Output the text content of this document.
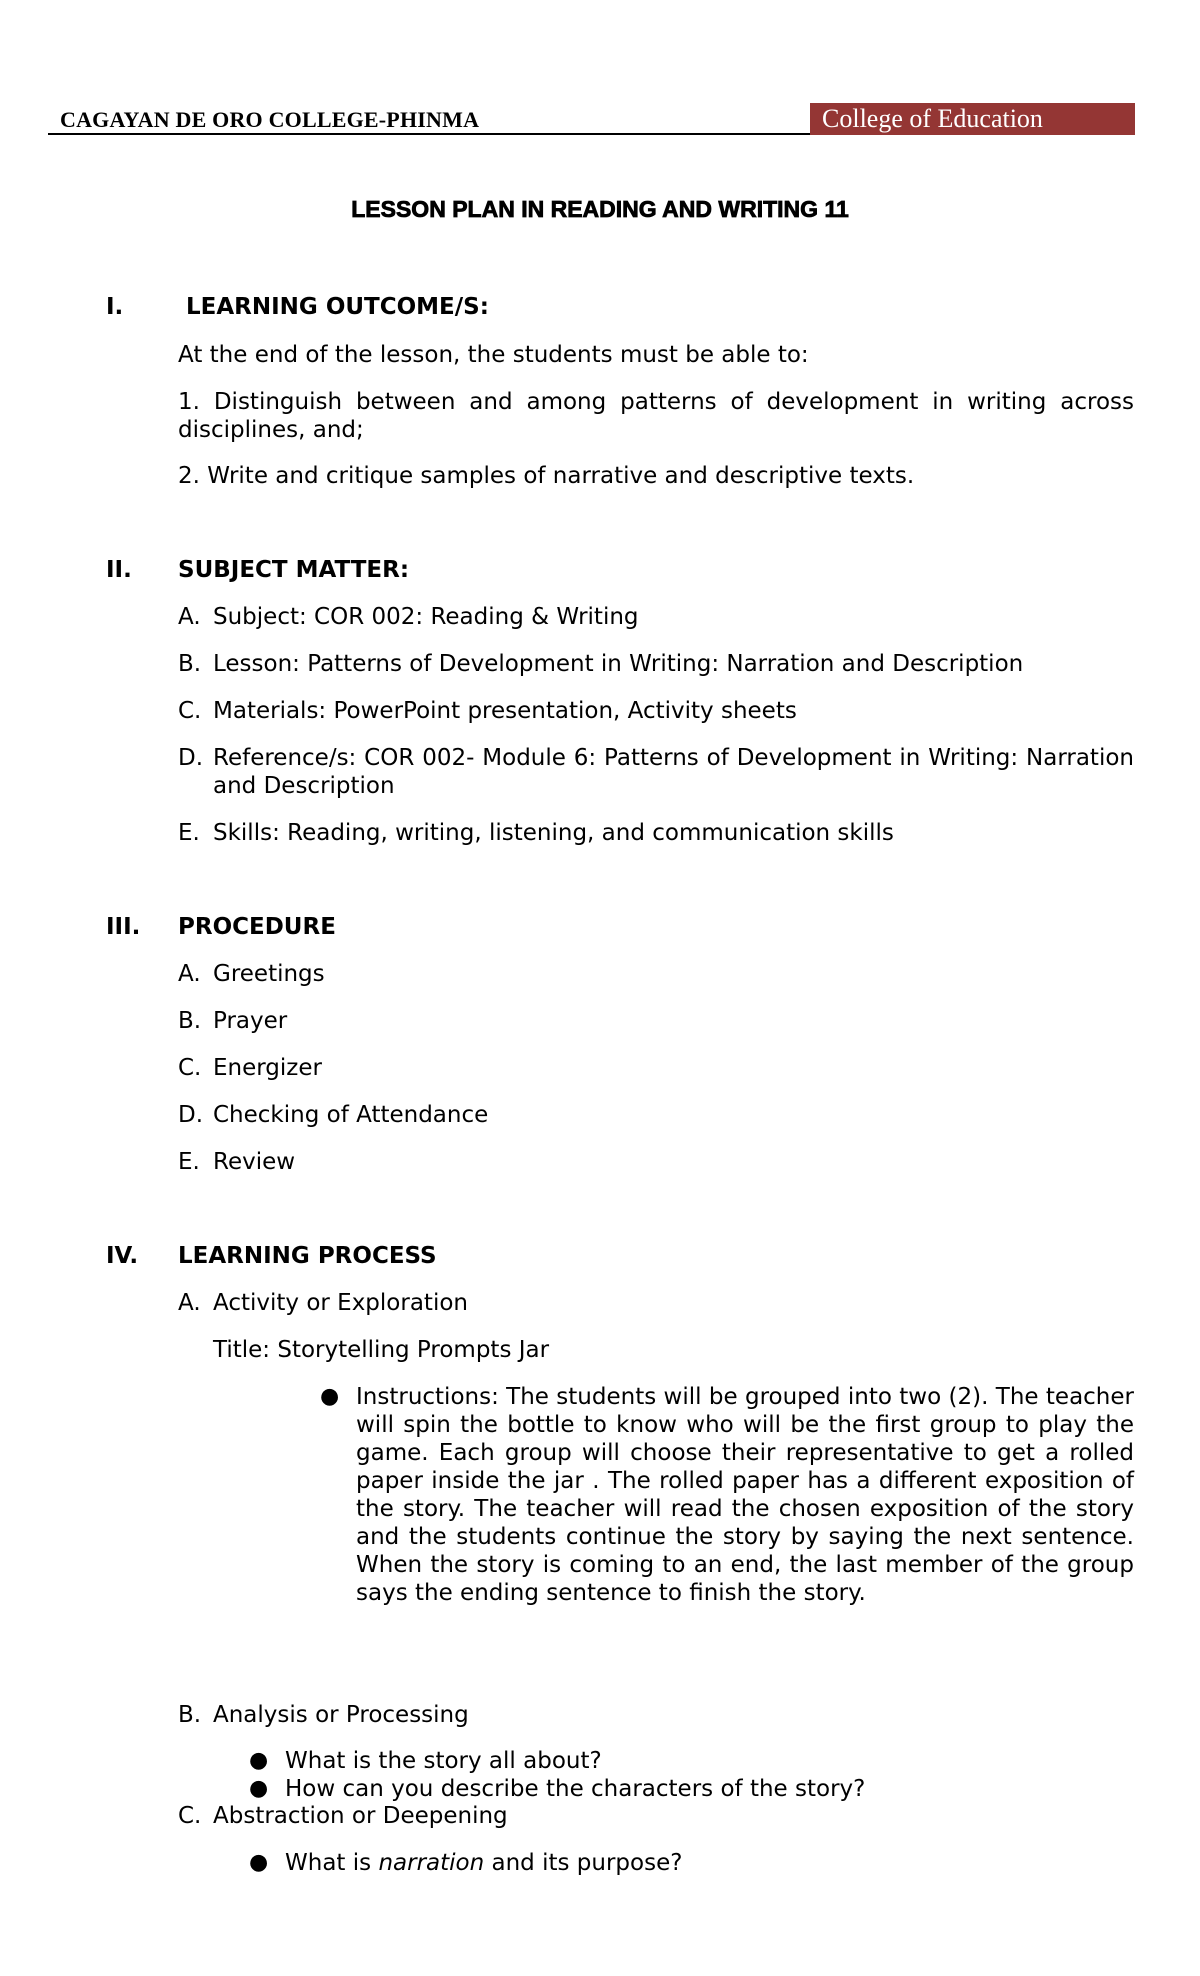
CAGAYAN DE ORO COLLEGE-PHINMA	College of Education
LESSON PLAN IN READING AND WRITING 11
I.	LEARNING OUTCOME/S:
At the end of the lesson, the students must be able to:
1. Distinguish between and among patterns of development in writing across disciplines, and;
2. Write and critique samples of narrative and descriptive texts.
II. SUBJECT MATTER:
A. Subject: COR 002: Reading & Writing
B. Lesson: Patterns of Development in Writing: Narration and Description
C. Materials: PowerPoint presentation, Activity sheets
D. Reference/s: COR 002- Module 6: Patterns of Development in Writing: Narration and Description
E. Skills: Reading, writing, listening, and communication skills
III. PROCEDURE
A. Greetings
B. Prayer
C. Energizer
D. Checking of Attendance
E. Review
IV. LEARNING PROCESS
A. Activity or Exploration
Title: Storytelling Prompts Jar
● Instructions: The students will be grouped into two (2). The teacher will spin the bottle to know who will be the first group to play the game. Each group will choose their representative to get a rolled paper inside the jar . The rolled paper has a different exposition of the story. The teacher will read the chosen exposition of the story and the students continue the story by saying the next sentence. When the story is coming to an end, the last member of the group says the ending sentence to finish the story.
B. Analysis or Processing
● What is the story all about?
● How can you describe the characters of the story?
C. Abstraction or Deepening
● What is narration and its purpose?
